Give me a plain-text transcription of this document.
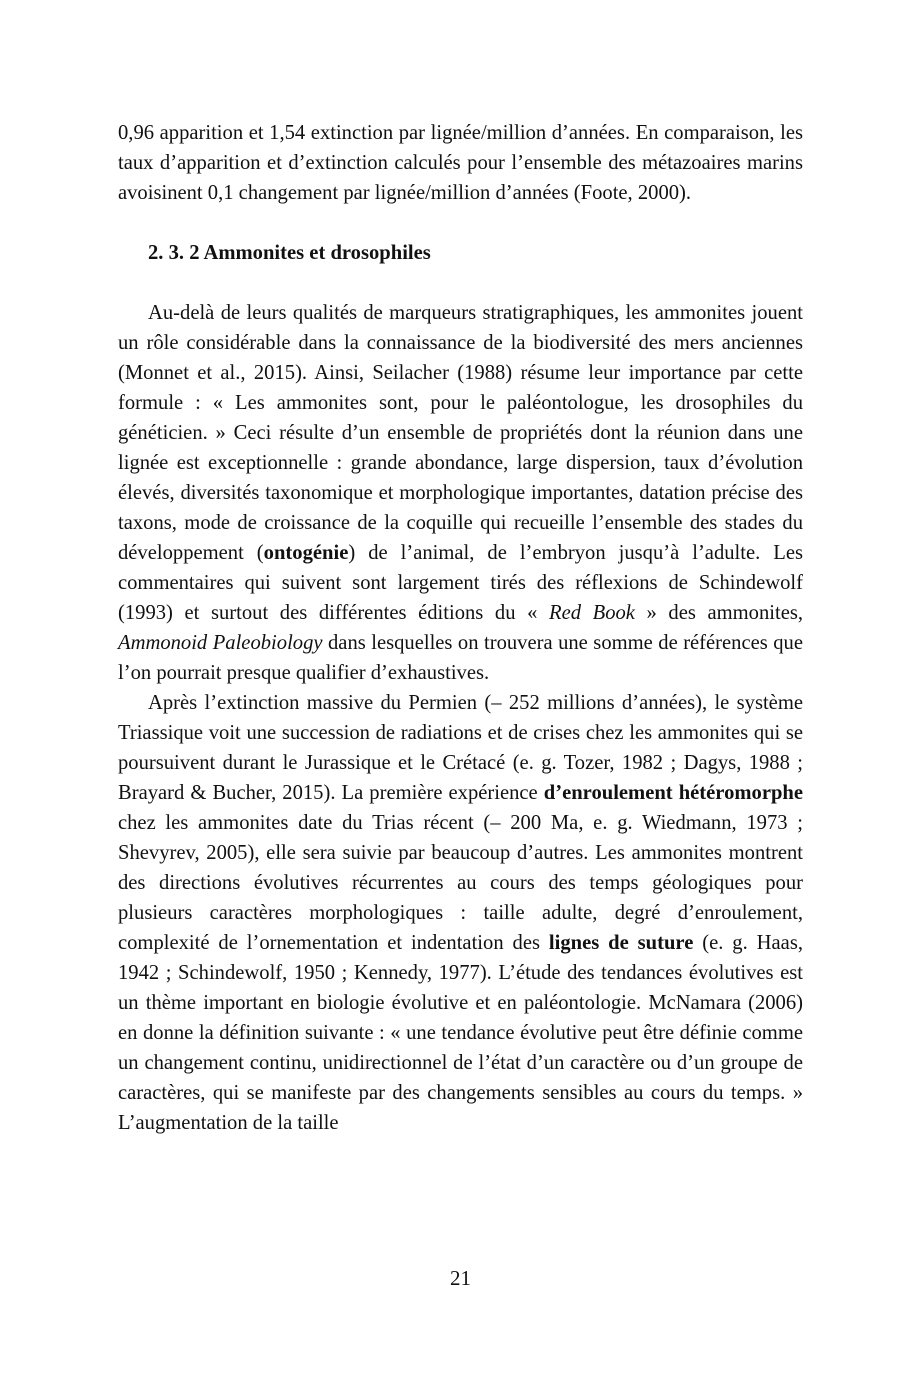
0,96 apparition et 1,54 extinction par lignée/million d’années. En comparaison, les taux d’apparition et d’extinction calculés pour l’ensemble des métazoaires marins avoisinent 0,1 changement par lignée/million d’années (Foote, 2000).

2. 3. 2 Ammonites et drosophiles

Au-delà de leurs qualités de marqueurs stratigraphiques, les ammonites jouent un rôle considérable dans la connaissance de la biodiversité des mers anciennes (Monnet et al., 2015). Ainsi, Seilacher (1988) résume leur importance par cette formule : « Les ammonites sont, pour le paléontologue, les drosophiles du généticien. » Ceci résulte d’un ensemble de propriétés dont la réunion dans une lignée est exceptionnelle : grande abondance, large dispersion, taux d’évolution élevés, diversités taxonomique et morphologique importantes, datation précise des taxons, mode de croissance de la coquille qui recueille l’ensemble des stades du développement (ontogénie) de l’animal, de l’embryon jusqu’à l’adulte. Les commentaires qui suivent sont largement tirés des réflexions de Schindewolf (1993) et surtout des différentes éditions du « Red Book » des ammonites, Ammonoid Paleobiology dans lesquelles on trouvera une somme de références que l’on pourrait presque qualifier d’exhaustives.

Après l’extinction massive du Permien (– 252 millions d’années), le système Triassique voit une succession de radiations et de crises chez les ammonites qui se poursuivent durant le Jurassique et le Crétacé (e. g. Tozer, 1982 ; Dagys, 1988 ; Brayard & Bucher, 2015). La première expérience d’enroulement hétéromorphe chez les ammonites date du Trias récent (– 200 Ma, e. g. Wiedmann, 1973 ; Shevyrev, 2005), elle sera suivie par beaucoup d’autres. Les ammonites montrent des directions évolutives récurrentes au cours des temps géologiques pour plusieurs caractères morphologiques : taille adulte, degré d’enroulement, complexité de l’ornementation et indentation des lignes de suture (e. g. Haas, 1942 ; Schindewolf, 1950 ; Kennedy, 1977). L’étude des tendances évolutives est un thème important en biologie évolutive et en paléontologie. McNamara (2006) en donne la définition suivante : « une tendance évolutive peut être définie comme un changement continu, unidirectionnel de l’état d’un caractère ou d’un groupe de caractères, qui se manifeste par des changements sensibles au cours du temps. » L’augmentation de la taille

21
